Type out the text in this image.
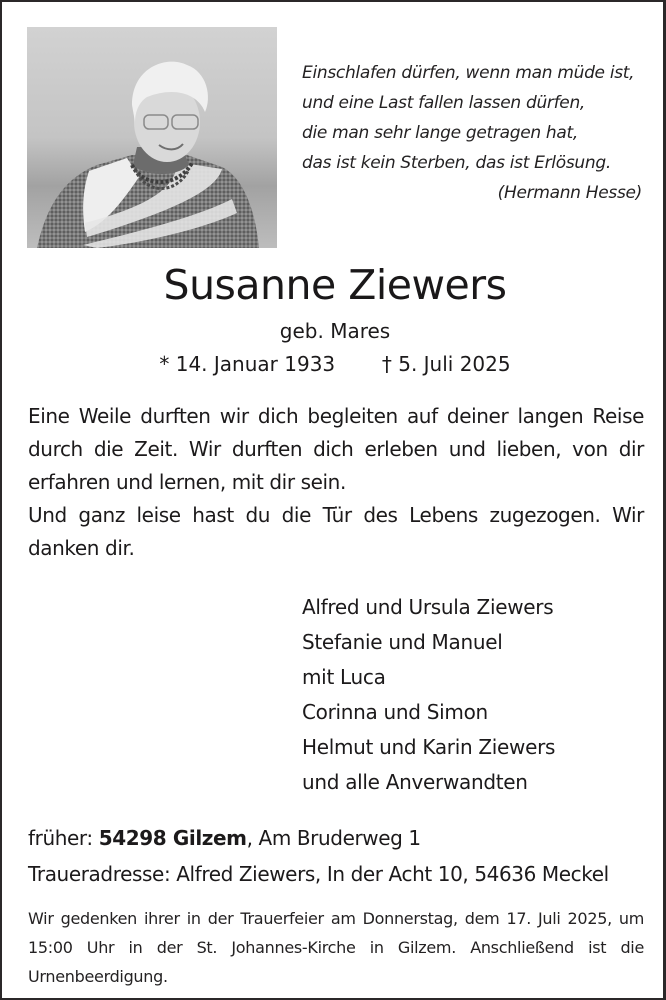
Einschlafen dürfen, wenn man müde ist,
und eine Last fallen lassen dürfen,
die man sehr lange getragen hat,
das ist kein Sterben, das ist Erlösung.
(Hermann Hesse)
Susanne Ziewers
geb. Mares
* 14. Januar 1933 † 5. Juli 2025

Eine Weile durften wir dich begleiten auf deiner langen Reise durch die Zeit. Wir durften dich erleben und lieben, von dir erfahren und lernen, mit dir sein.

Und ganz leise hast du die Tür des Lebens zugezogen. Wir danken dir.

Alfred und Ursula Ziewers
Stefanie und Manuel
mit Luca
Corinna und Simon
Helmut und Karin Ziewers
und alle Anverwandten
früher: 54298 Gilzem, Am Bruderweg 1
Traueradresse: Alfred Ziewers, In der Acht 10, 54636 Meckel
Wir gedenken ihrer in der Trauerfeier am Donnerstag, dem 17. Juli 2025, um 15:00 Uhr in der St. Johannes-Kirche in Gilzem. Anschließend ist die Urnenbeerdigung.
